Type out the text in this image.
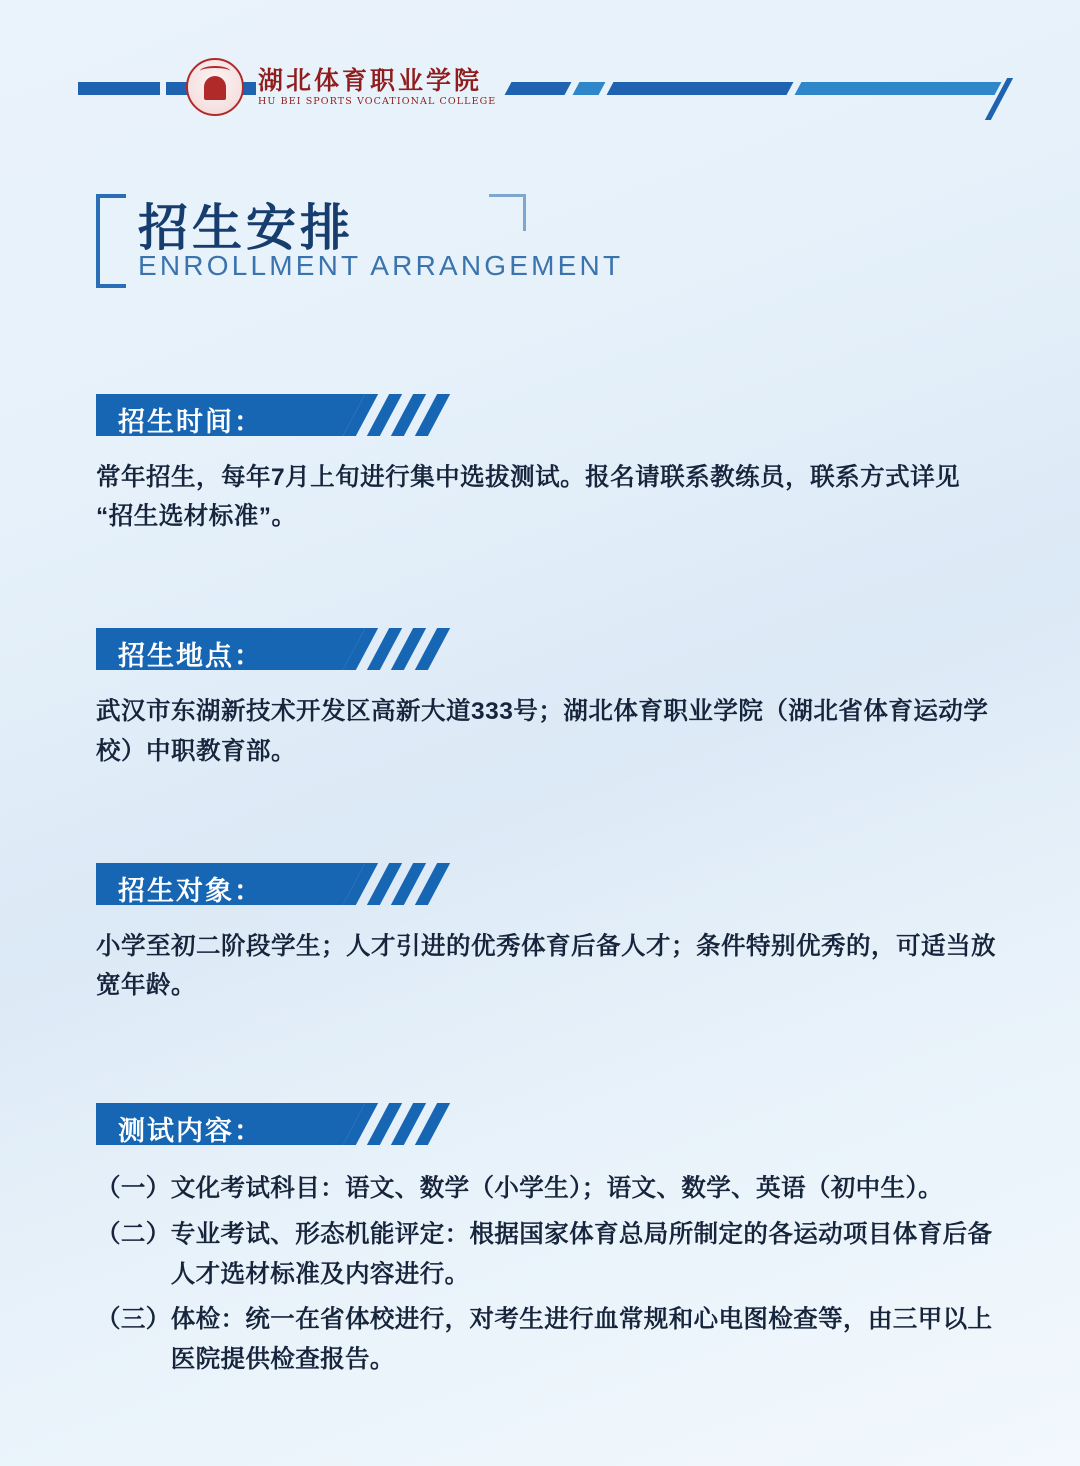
湖北体育职业学院
HU BEI SPORTS VOCATIONAL COLLEGE
招生安排
ENROLLMENT ARRANGEMENT
招生时间：
常年招生，每年7月上旬进行集中选拔测试。报名请联系教练员，联系方式详见“招生选材标准”。
招生地点：
武汉市东湖新技术开发区高新大道333号；湖北体育职业学院（湖北省体育运动学校）中职教育部。
招生对象：
小学至初二阶段学生；人才引进的优秀体育后备人才；条件特别优秀的，可适当放宽年龄。
测试内容：
（一） 文化考试科目：语文、数学（小学生）；语文、数学、英语（初中生）。
（二） 专业考试、形态机能评定：根据国家体育总局所制定的各运动项目体育后备人才选材标准及内容进行。
（三） 体检：统一在省体校进行，对考生进行血常规和心电图检查等，由三甲以上医院提供检查报告。
